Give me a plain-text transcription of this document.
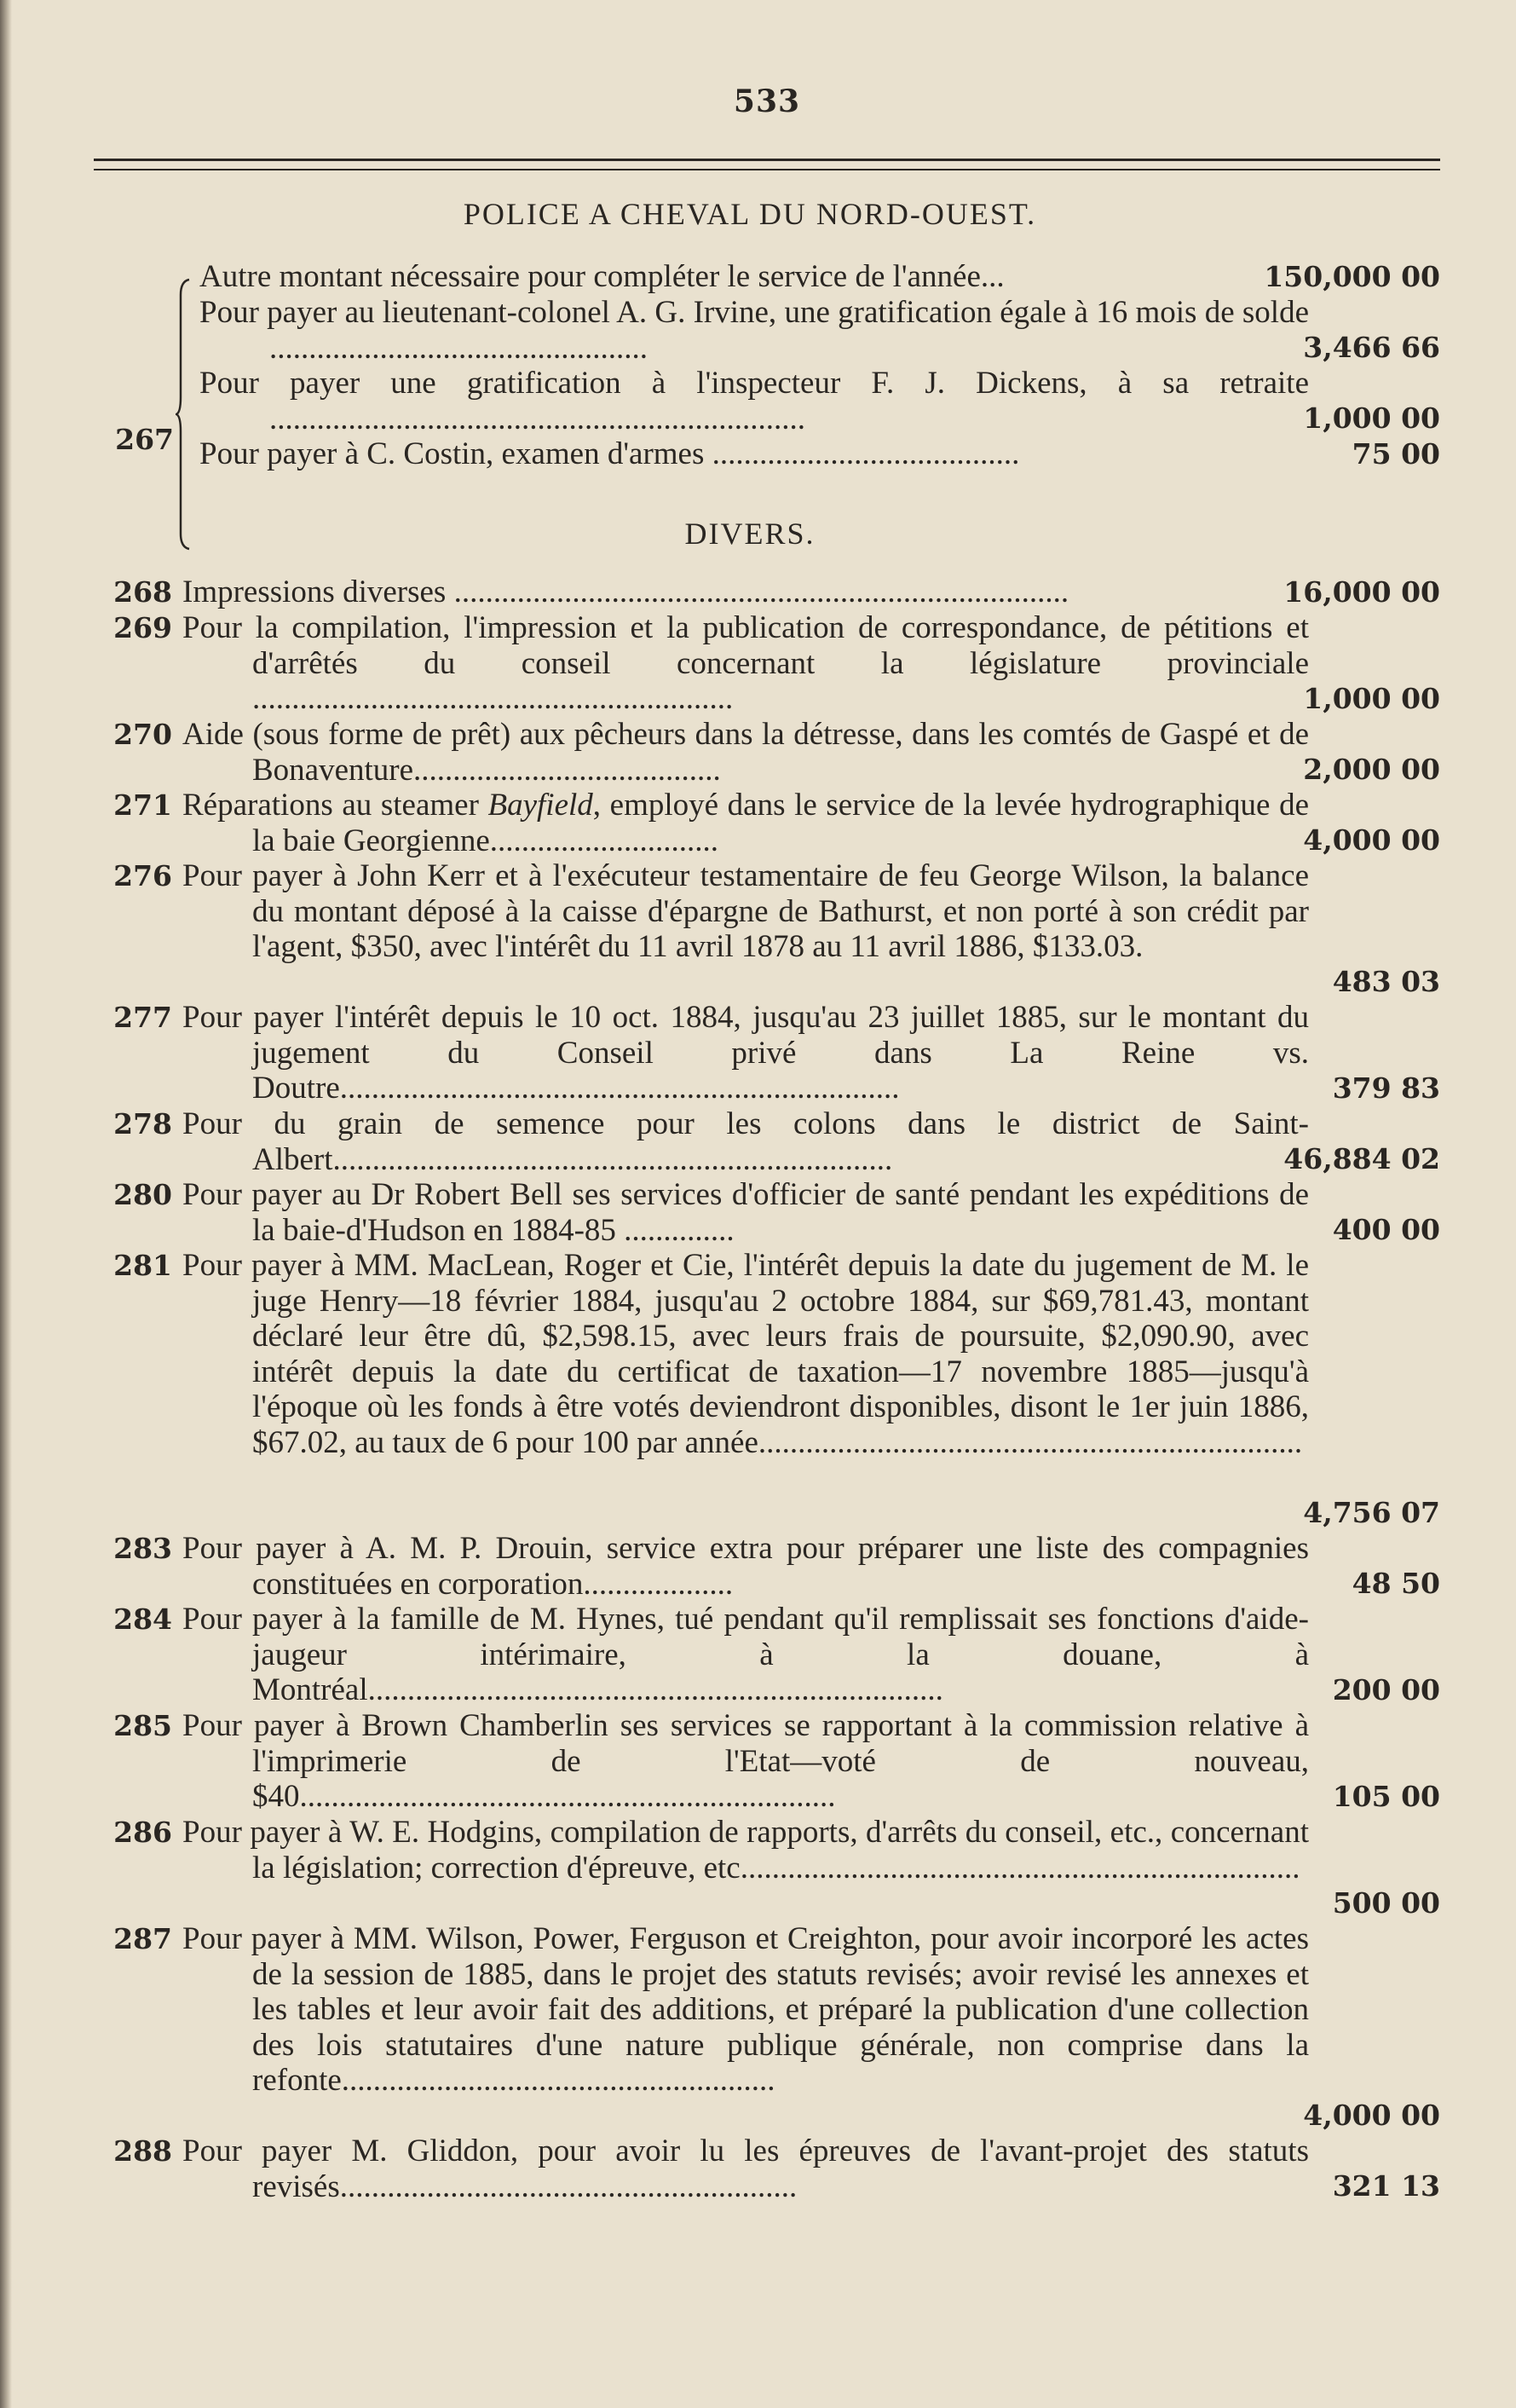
533
POLICE A CHEVAL DU NORD-OUEST.
267
Autre montant nécessaire pour compléter le service de l'année...	150,000 00
Pour payer au lieutenant-colonel A. G. Irvine, une gratification égale à 16 mois de solde ................................................	3,466 66
Pour payer une gratification à l'inspecteur F. J. Dickens, à sa retraite ....................................................................	1,000 00
Pour payer à C. Costin, examen d'armes .......................................	75 00
DIVERS.
268 Impressions diverses ..............................................................................	16,000 00
269 Pour la compilation, l'impression et la publication de correspondance, de pétitions et d'arrêtés du conseil concernant la législature provinciale .............................................................	1,000 00
270 Aide (sous forme de prêt) aux pêcheurs dans la détresse, dans les comtés de Gaspé et de Bonaventure.......................................	2,000 00
271 Réparations au steamer Bayfield, employé dans le service de la levée hydrographique de la baie Georgienne.............................	4,000 00
276 Pour payer à John Kerr et à l'exécuteur testamentaire de feu George Wilson, la balance du montant déposé à la caisse d'épargne de Bathurst, et non porté à son crédit par l'agent, $350, avec l'intérêt du 11 avril 1878 au 11 avril 1886, $133.03.
483 03
277 Pour payer l'intérêt depuis le 10 oct. 1884, jusqu'au 23 juillet 1885, sur le montant du jugement du Conseil privé dans La Reine vs. Doutre.......................................................................	379 83
278 Pour du grain de semence pour les colons dans le district de Saint-Albert.......................................................................	46,884 02
280 Pour payer au Dr Robert Bell ses services d'officier de santé pendant les expéditions de la baie-d'Hudson en 1884-85 ..............	400 00
281 Pour payer à MM. MacLean, Roger et Cie, l'intérêt depuis la date du jugement de M. le juge Henry—18 février 1884, jusqu'au 2 octobre 1884, sur $69,781.43, montant déclaré leur être dû, $2,598.15, avec leurs frais de poursuite, $2,090.90, avec intérêt depuis la date du certificat de taxation—17 novembre 1885—jusqu'à l'époque où les fonds à être votés deviendront disponibles, disont le 1er juin 1886, $67.02, au taux de 6 pour 100 par année.....................................................................
4,756 07
283 Pour payer à A. M. P. Drouin, service extra pour préparer une liste des compagnies constituées en corporation...................	48 50
284 Pour payer à la famille de M. Hynes, tué pendant qu'il remplissait ses fonctions d'aide-jaugeur intérimaire, à la douane, à Montréal.........................................................................	200 00
285 Pour payer à Brown Chamberlin ses services se rapportant à la commission relative à l'imprimerie de l'Etat—voté de nouveau, $40....................................................................	105 00
286 Pour payer à W. E. Hodgins, compilation de rapports, d'arrêts du conseil, etc., concernant la législation; correction d'épreuve, etc.......................................................................
500 00
287 Pour payer à MM. Wilson, Power, Ferguson et Creighton, pour avoir incorporé les actes de la session de 1885, dans le projet des statuts revisés; avoir revisé les annexes et les tables et leur avoir fait des additions, et préparé la publication d'une collection des lois statutaires d'une nature publique générale, non comprise dans la refonte.......................................................
4,000 00
288 Pour payer M. Gliddon, pour avoir lu les épreuves de l'avant-projet des statuts revisés..........................................................	321 13
